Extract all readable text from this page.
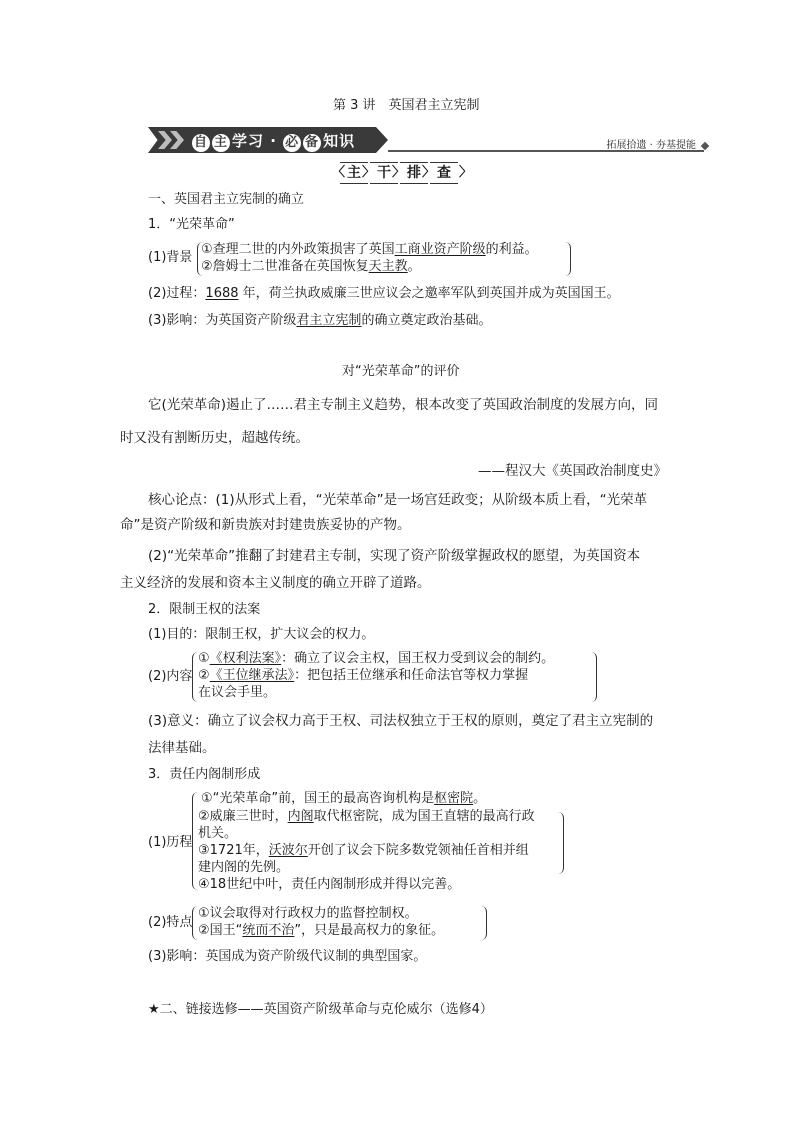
第 3 讲　英国君主立宪制
自 主 学习 · 必 备 知识	拓展拾遗 · 夯基提能
〈 主 〉 干 〉 排 〉 查 〉
一、英国君主立宪制的确立
1．“光荣革命”
(1)背景
①查理二世的内外政策损害了英国工商业资产阶级的利益。
②詹姆士二世准备在英国恢复天主教。
(2)过程：1688 年，荷兰执政威廉三世应议会之邀率军队到英国并成为英国国王。
(3)影响：为英国资产阶级君主立宪制的确立奠定政治基础。
对“光荣革命”的评价
它(光荣革命)遏止了……君主专制主义趋势，根本改变了英国政治制度的发展方向，同
时又没有割断历史，超越传统。
——程汉大《英国政治制度史》
核心论点：(1)从形式上看，“光荣革命”是一场宫廷政变；从阶级本质上看，“光荣革
命”是资产阶级和新贵族对封建贵族妥协的产物。
(2)“光荣革命”推翻了封建君主专制，实现了资产阶级掌握政权的愿望，为英国资本
主义经济的发展和资本主义制度的确立开辟了道路。
2．限制王权的法案
(1)目的：限制王权，扩大议会的权力。
(2)内容
①《权利法案》：确立了议会主权，国王权力受到议会的制约。
②《王位继承法》：把包括王位继承和任命法官等权力掌握
在议会手里。
(3)意义：确立了议会权力高于王权、司法权独立于王权的原则，奠定了君主立宪制的
法律基础。
3．责任内阁制形成
(1)历程
①“光荣革命”前，国王的最高咨询机构是枢密院。
②威廉三世时，内阁取代枢密院，成为国王直辖的最高行政
机关。
③1721年，沃波尔开创了议会下院多数党领袖任首相并组
建内阁的先例。
④18世纪中叶，责任内阁制形成并得以完善。
(2)特点
①议会取得对行政权力的监督控制权。
②国王“统而不治”，只是最高权力的象征。
(3)影响：英国成为资产阶级代议制的典型国家。
★二、链接选修——英国资产阶级革命与克伦威尔（选修4）
